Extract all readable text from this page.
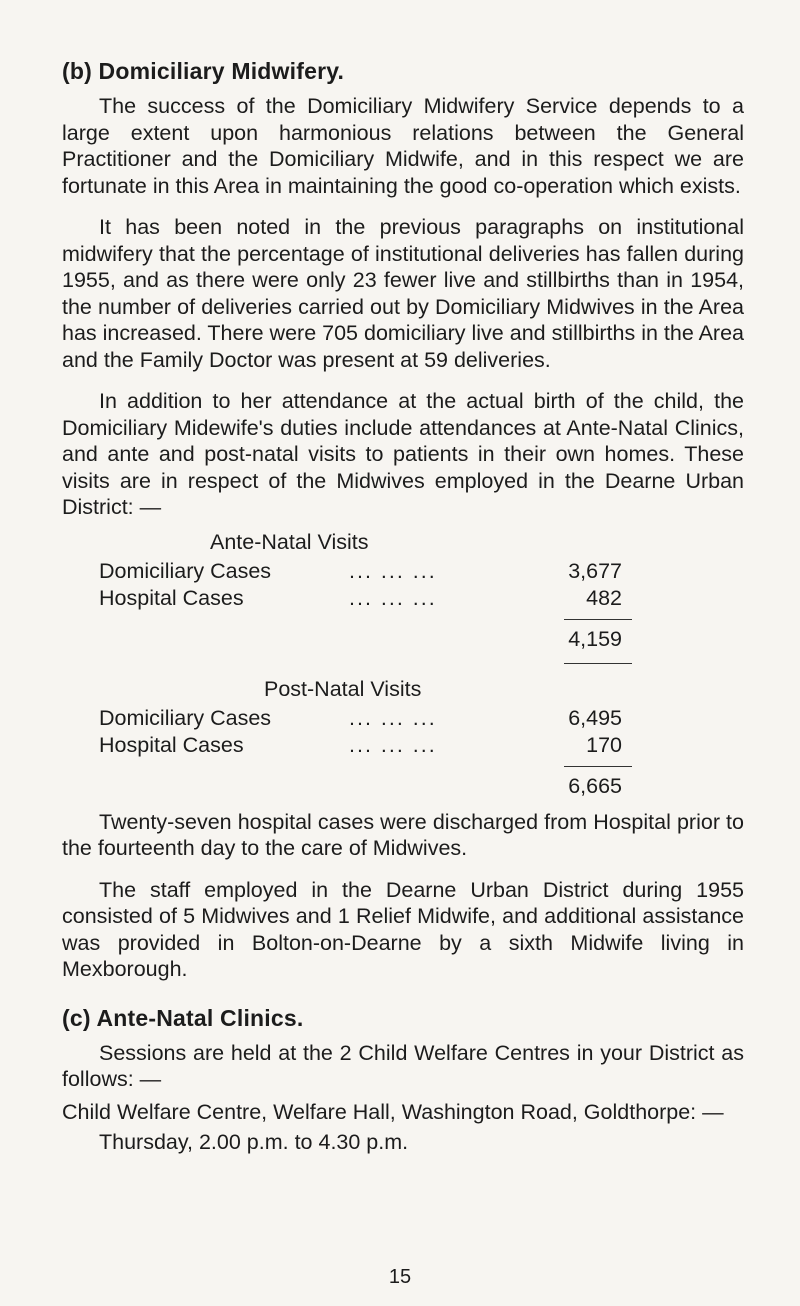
(b) Domiciliary Midwifery.

The success of the Domiciliary Midwifery Service depends to a large extent upon harmonious relations between the General Practitioner and the Domiciliary Midwife, and in this respect we are fortunate in this Area in maintaining the good co-operation which exists.

It has been noted in the previous paragraphs on institutional midwifery that the percentage of institutional deliveries has fallen during 1955, and as there were only 23 fewer live and stillbirths than in 1954, the number of deliveries carried out by Domiciliary Midwives in the Area has increased. There were 705 domiciliary live and stillbirths in the Area and the Family Doctor was present at 59 deliveries.

In addition to her attendance at the actual birth of the child, the Domiciliary Midewife's duties include attendances at Ante-Natal Clinics, and ante and post-natal visits to patients in their own homes. These visits are in respect of the Midwives employed in the Dearne Urban District: —

Ante-Natal Visits
Domiciliary Cases	... ... ...	3,677
Hospital Cases	... ... ...	482
4,159
Post-Natal Visits
Domiciliary Cases	... ... ...	6,495
Hospital Cases	... ... ...	170
6,665

Twenty-seven hospital cases were discharged from Hospital prior to the fourteenth day to the care of Midwives.

The staff employed in the Dearne Urban District during 1955 consisted of 5 Midwives and 1 Relief Midwife, and additional assistance was provided in Bolton-on-Dearne by a sixth Midwife living in Mexborough.

(c) Ante-Natal Clinics.

Sessions are held at the 2 Child Welfare Centres in your District as follows: —

Child Welfare Centre, Welfare Hall, Washington Road, Goldthorpe: —

Thursday, 2.00 p.m. to 4.30 p.m.

15
